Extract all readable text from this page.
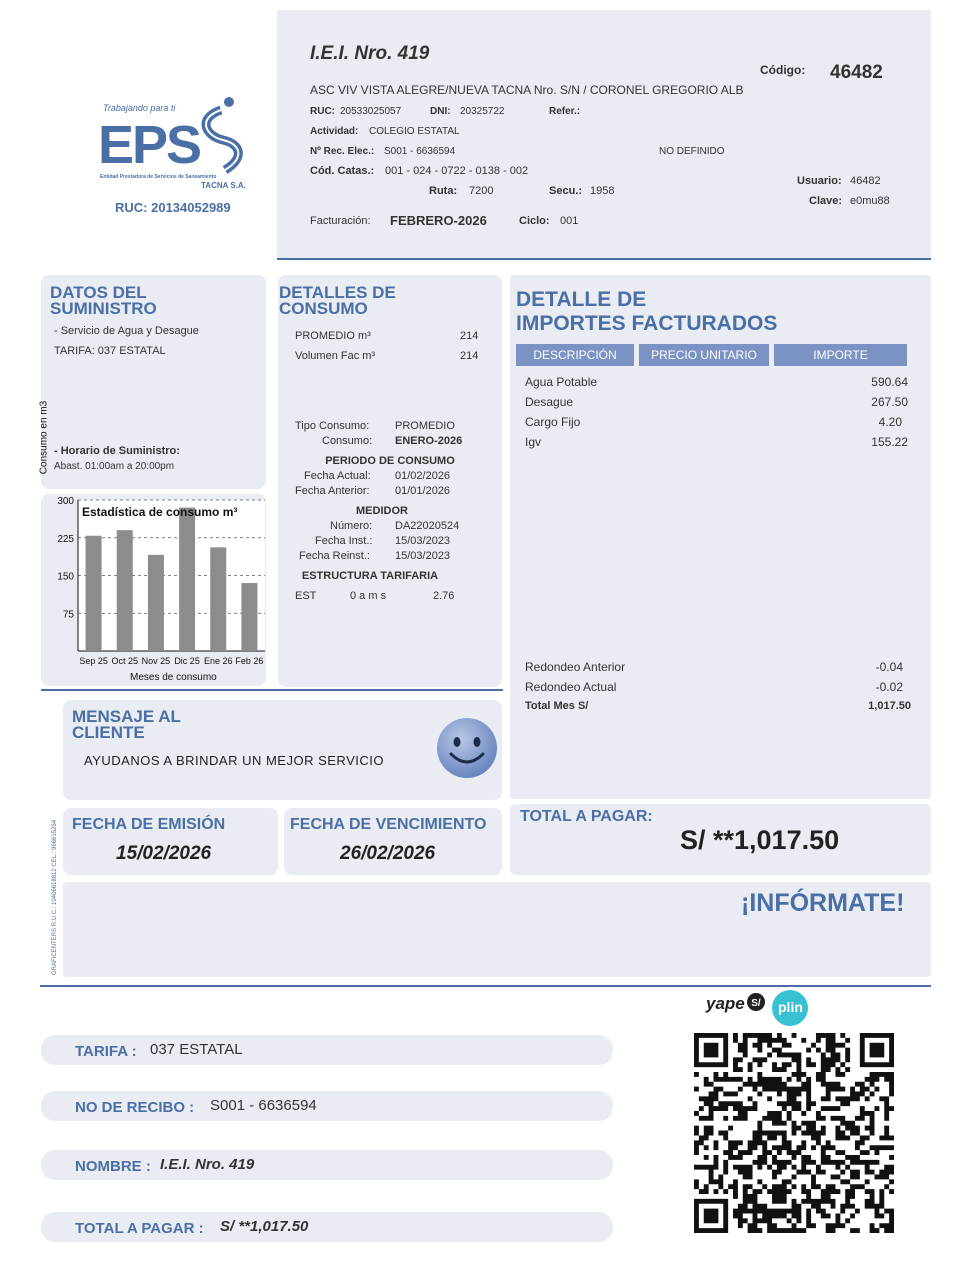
Trabajando para ti
EPS
Entidad Prestadora de Servicios de Saneamiento
TACNA S.A.
RUC: 20134052989
I.E.I. Nro. 419
Código: 46482
ASC VIV VISTA ALEGRE/NUEVA TACNA Nro. S/N / CORONEL GREGORIO ALB
RUC: 20533025057	DNI: 20325722	Refer.:
Actividad: COLEGIO ESTATAL
Nº Rec. Elec.: S001 - 6636594	NO DEFINIDO
Cód. Catas.: 001 - 024 - 0722 - 0138 - 002
Ruta: 7200	Secu.: 1958
Usuario: 46482
Clave: e0mu88
Facturación: FEBRERO-2026	Ciclo: 001
DATOS DEL
SUMINISTRO
- Servicio de Agua y Desague
TARIFA: 037 ESTATAL
- Horario de Suministro:
Abast. 01:00am a 20:00pm
75
150
225
300
Sep 25 Oct 25 Nov 25 Dic 25 Ene 26 Feb 26
Estadística de consumo m³
Meses de consumo
Consumo en m3
DETALLES DE
CONSUMO
PROMEDIO m³	214
Volumen Fac m³	214
Tipo Consumo: PROMEDIO
Consumo: ENERO-2026
PERIODO DE CONSUMO
Fecha Actual: 01/02/2026
Fecha Anterior: 01/01/2026
MEDIDOR
Número: DA22020524
Fecha Inst.: 15/03/2023
Fecha Reinst.: 15/03/2023
ESTRUCTURA TARIFARIA
EST	0 a m s	2.76
DETALLE DE
IMPORTES FACTURADOS
DESCRIPCIÓN	PRECIO UNITARIO	IMPORTE
Agua Potable	590.64
Desague	267.50
Cargo Fijo	4.20
Igv	155.22
Redondeo Anterior	-0.04
Redondeo Actual	-0.02
Total Mes S/	1,017.50
MENSAJE AL
CLIENTE
AYUDANOS A BRINDAR UN MEJOR SERVICIO
GRAFICENTERS R.U.C.: 10406618812 CEL.: 966615254 FECHA DE EMISIÓN
15/02/2026
FECHA DE VENCIMIENTO
26/02/2026
TOTAL A PAGAR:
S/ **1,017.50
¡INFÓRMATE!
yape S/ plin
TARIFA : 037 ESTATAL
NO DE RECIBO : S001 - 6636594
NOMBRE : I.E.I. Nro. 419
TOTAL A PAGAR : S/ **1,017.50
